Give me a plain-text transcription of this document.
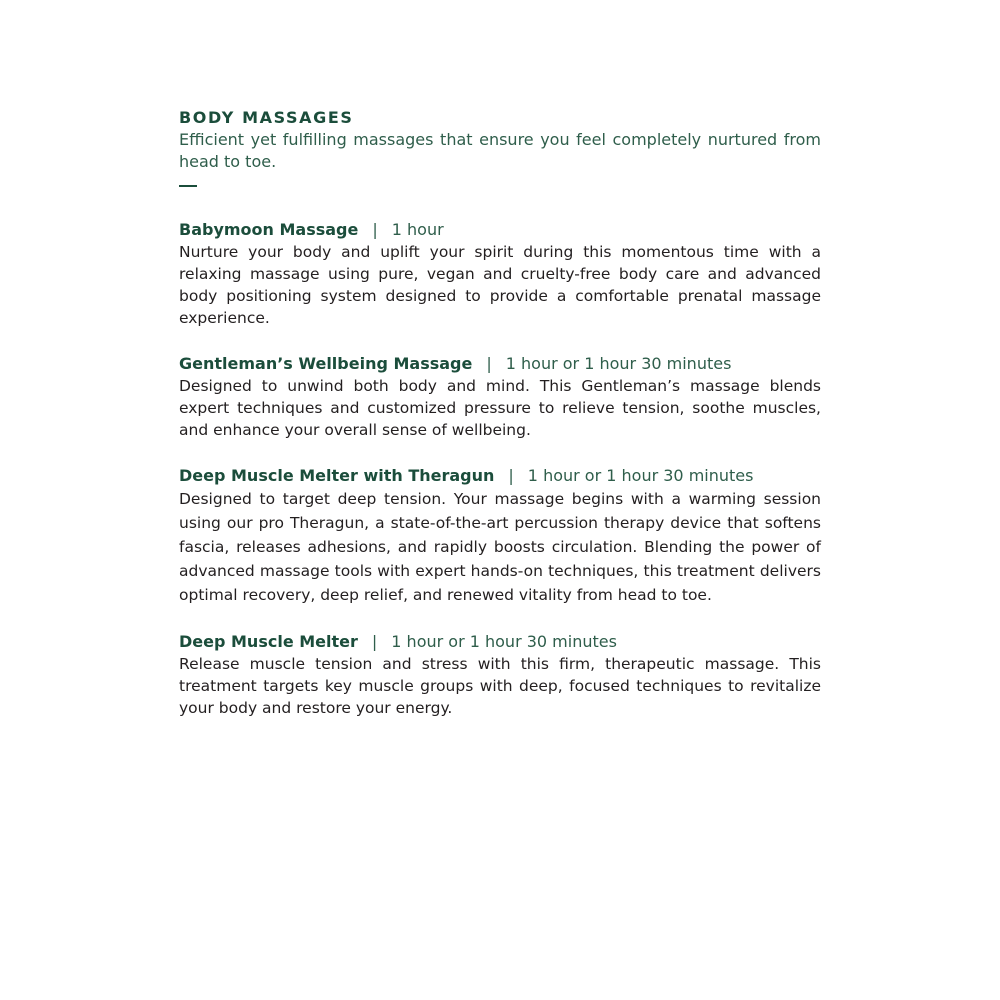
BODY MASSAGES

Efficient yet fulfilling massages that ensure you feel completely nurtured from head to toe.

Babymoon Massage | 1 hour

Nurture your body and uplift your spirit during this momentous time with a relaxing massage using pure, vegan and cruelty-free body care and advanced body positioning system designed to provide a comfortable prenatal massage experience.

Gentleman’s Wellbeing Massage | 1 hour or 1 hour 30 minutes

Designed to unwind both body and mind. This Gentleman’s massage blends expert techniques and customized pressure to relieve tension, soothe muscles, and enhance your overall sense of wellbeing.

Deep Muscle Melter with Theragun | 1 hour or 1 hour 30 minutes

Designed to target deep tension. Your massage begins with a warming session using our pro Theragun, a state-of-the-art percussion therapy device that softens fascia, releases adhesions, and rapidly boosts circulation. Blending the power of advanced massage tools with expert hands-on techniques, this treatment delivers optimal recovery, deep relief, and renewed vitality from head to toe.

Deep Muscle Melter | 1 hour or 1 hour 30 minutes

Release muscle tension and stress with this firm, therapeutic massage. This treatment targets key muscle groups with deep, focused techniques to revitalize your body and restore your energy.
